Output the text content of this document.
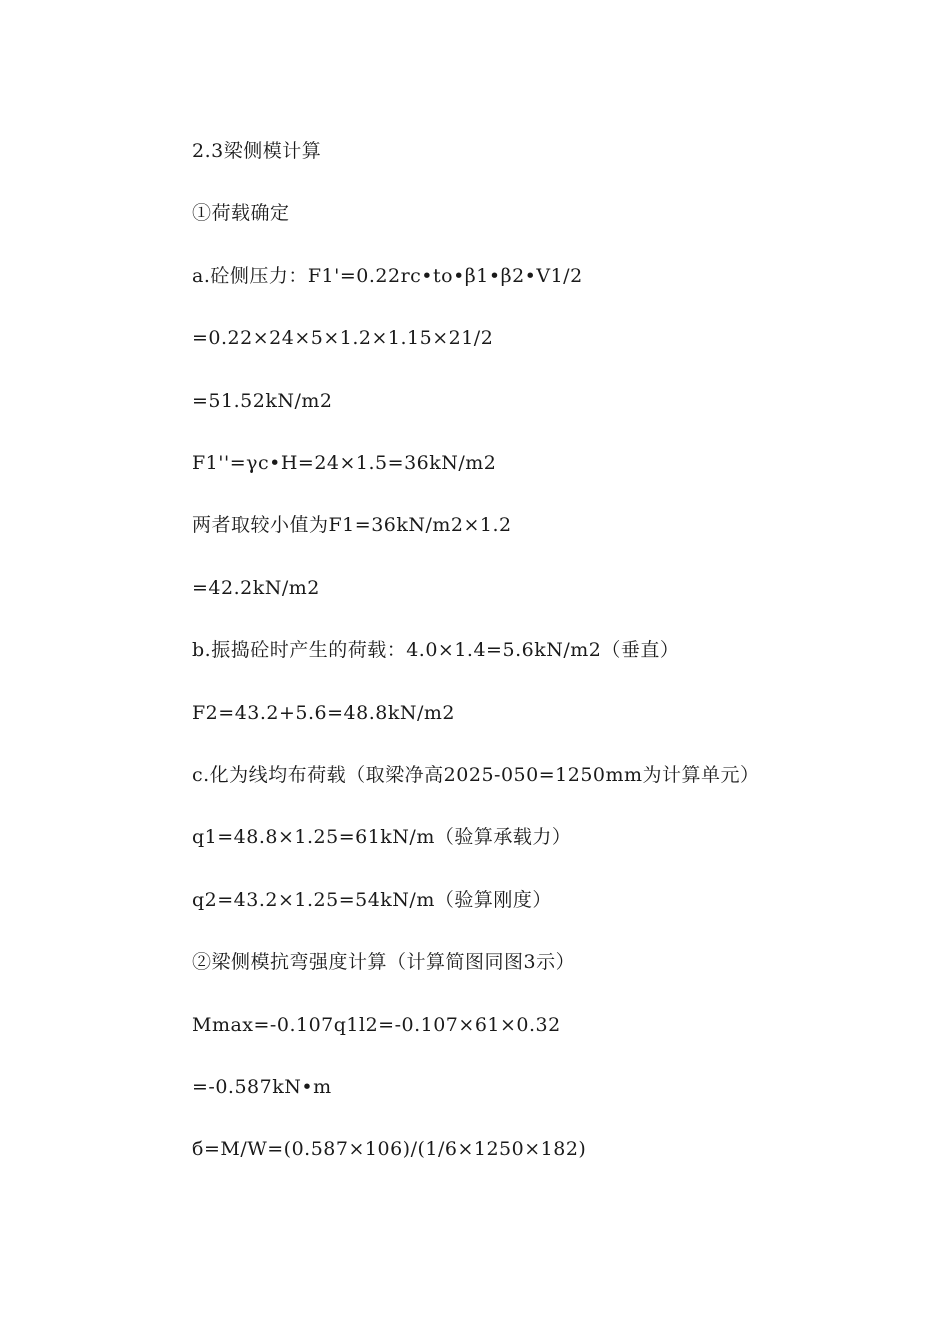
2.3梁侧模计算
①荷载确定
a.砼侧压力：F1'=0.22rc•to•β1•β2•V1/2
=0.22×24×5×1.2×1.15×21/2
=51.52kN/m2
F1''=γc•H=24×1.5=36kN/m2
两者取较小值为F1=36kN/m2×1.2
=42.2kN/m2
b.振捣砼时产生的荷载：4.0×1.4=5.6kN/m2（垂直）
F2=43.2+5.6=48.8kN/m2
c.化为线均布荷载（取梁净高2025-050=1250mm为计算单元）
q1=48.8×1.25=61kN/m（验算承载力）
q2=43.2×1.25=54kN/m（验算刚度）
②梁侧模抗弯强度计算（计算简图同图3示）
Mmax=-0.107q1l2=-0.107×61×0.32
=-0.587kN•m
б=M/W=(0.587×106)/(1/6×1250×182)
